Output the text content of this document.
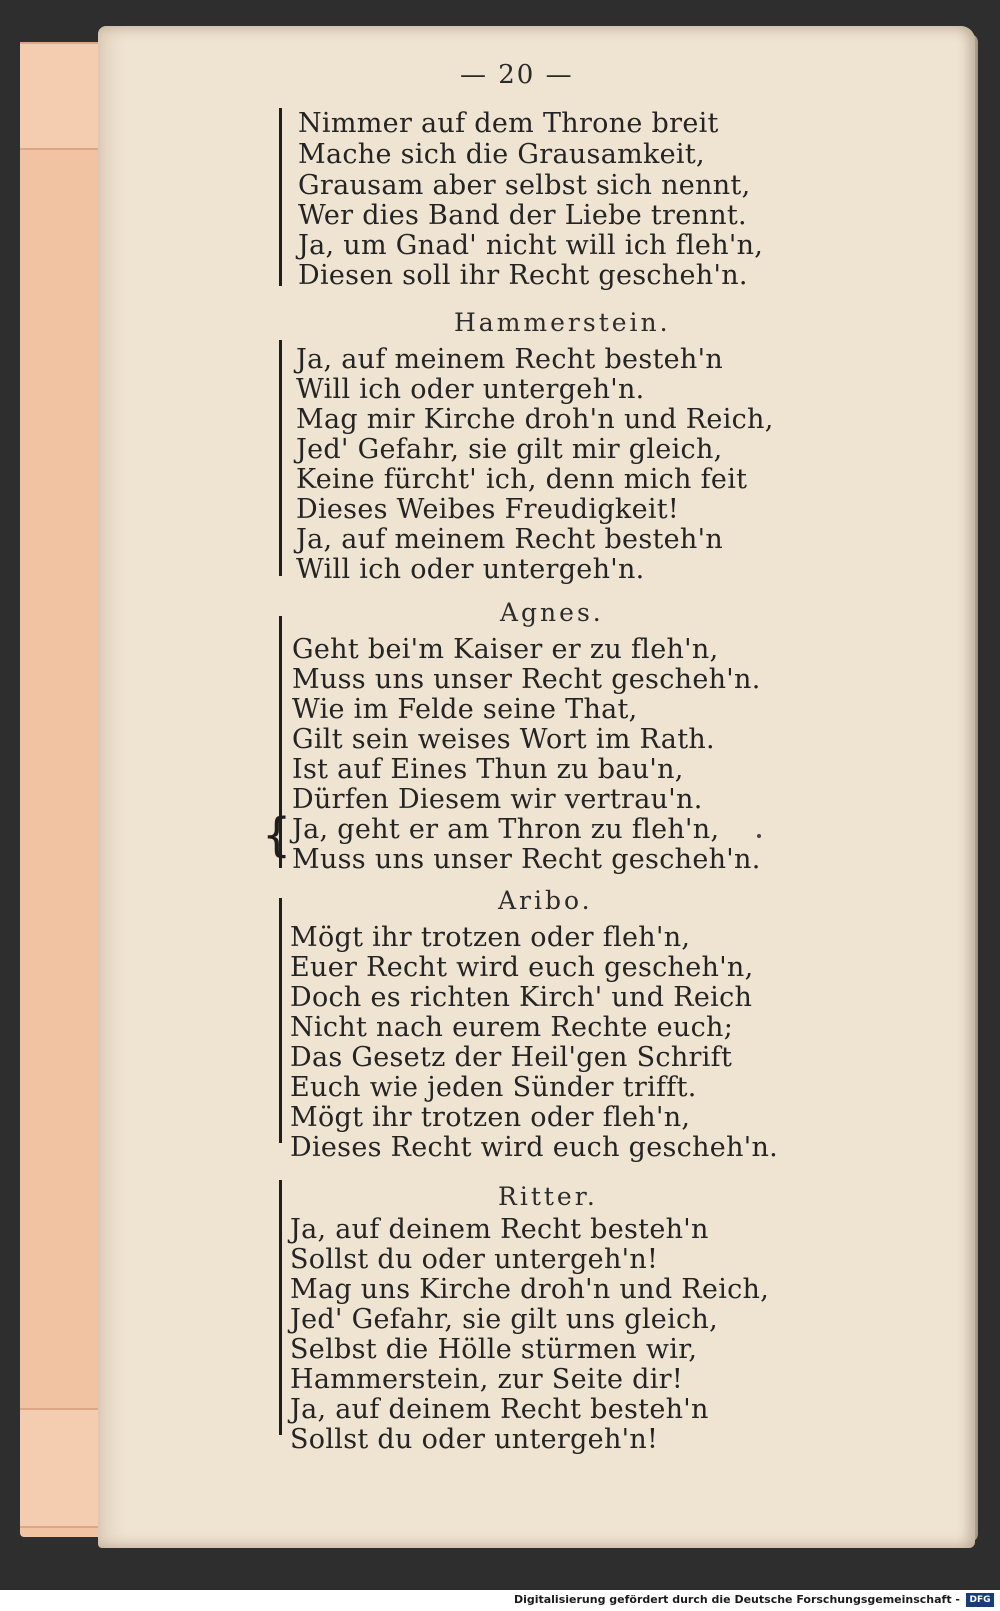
— 20 —
{
Nimmer auf dem Throne breit
Mache sich die Grausamkeit,
Grausam aber selbst sich nennt,
Wer dies Band der Liebe trennt.
Ja, um Gnad' nicht will ich fleh'n,
Diesen soll ihr Recht gescheh'n.
Hammerstein.
Ja, auf meinem Recht besteh'n
Will ich oder untergeh'n.
Mag mir Kirche droh'n und Reich,
Jed' Gefahr, sie gilt mir gleich,
Keine fürcht' ich, denn mich feit
Dieses Weibes Freudigkeit!
Ja, auf meinem Recht besteh'n
Will ich oder untergeh'n.
Agnes.
Geht bei'm Kaiser er zu fleh'n,
Muss uns unser Recht gescheh'n.
Wie im Felde seine That,
Gilt sein weises Wort im Rath.
Ist auf Eines Thun zu bau'n,
Dürfen Diesem wir vertrau'n.
Ja, geht er am Thron zu fleh'n,
Muss uns unser Recht gescheh'n.
Aribo.
Mögt ihr trotzen oder fleh'n,
Euer Recht wird euch gescheh'n,
Doch es richten Kirch' und Reich
Nicht nach eurem Rechte euch;
Das Gesetz der Heil'gen Schrift
Euch wie jeden Sünder trifft.
Mögt ihr trotzen oder fleh'n,
Dieses Recht wird euch gescheh'n.
Ritter.
Ja, auf deinem Recht besteh'n
Sollst du oder untergeh'n!
Mag uns Kirche droh'n und Reich,
Jed' Gefahr, sie gilt uns gleich,
Selbst die Hölle stürmen wir,
Hammerstein, zur Seite dir!
Ja, auf deinem Recht besteh'n
Sollst du oder untergeh'n!
Digitalisierung gefördert durch die Deutsche Forschungsgemeinschaft -	DFG
